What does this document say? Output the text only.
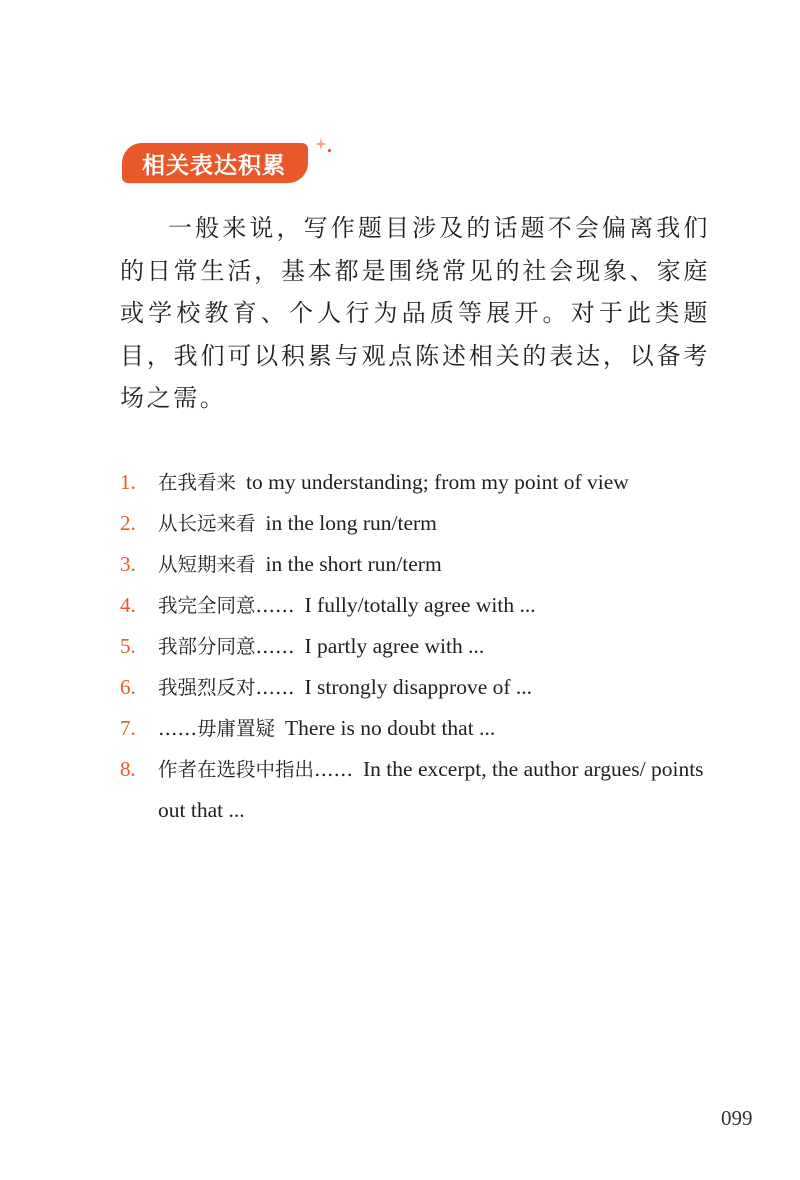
相关表达积累

一般来说，写作题目涉及的话题不会偏离我们的日常生活，基本都是围绕常见的社会现象、家庭或学校教育、个人行为品质等展开。对于此类题目，我们可以积累与观点陈述相关的表达，以备考场之需。

1.	在我看来 to my understanding; from my point of view
2.	从长远来看 in the long run/term
3.	从短期来看 in the short run/term
4.	我完全同意…… I fully/totally agree with ...
5.	我部分同意…… I partly agree with ...
6.	我强烈反对…… I strongly disapprove of ...
7.	……毋庸置疑 There is no doubt that ...
8.	作者在选段中指出…… In the excerpt, the author argues/ points out that ...
099
